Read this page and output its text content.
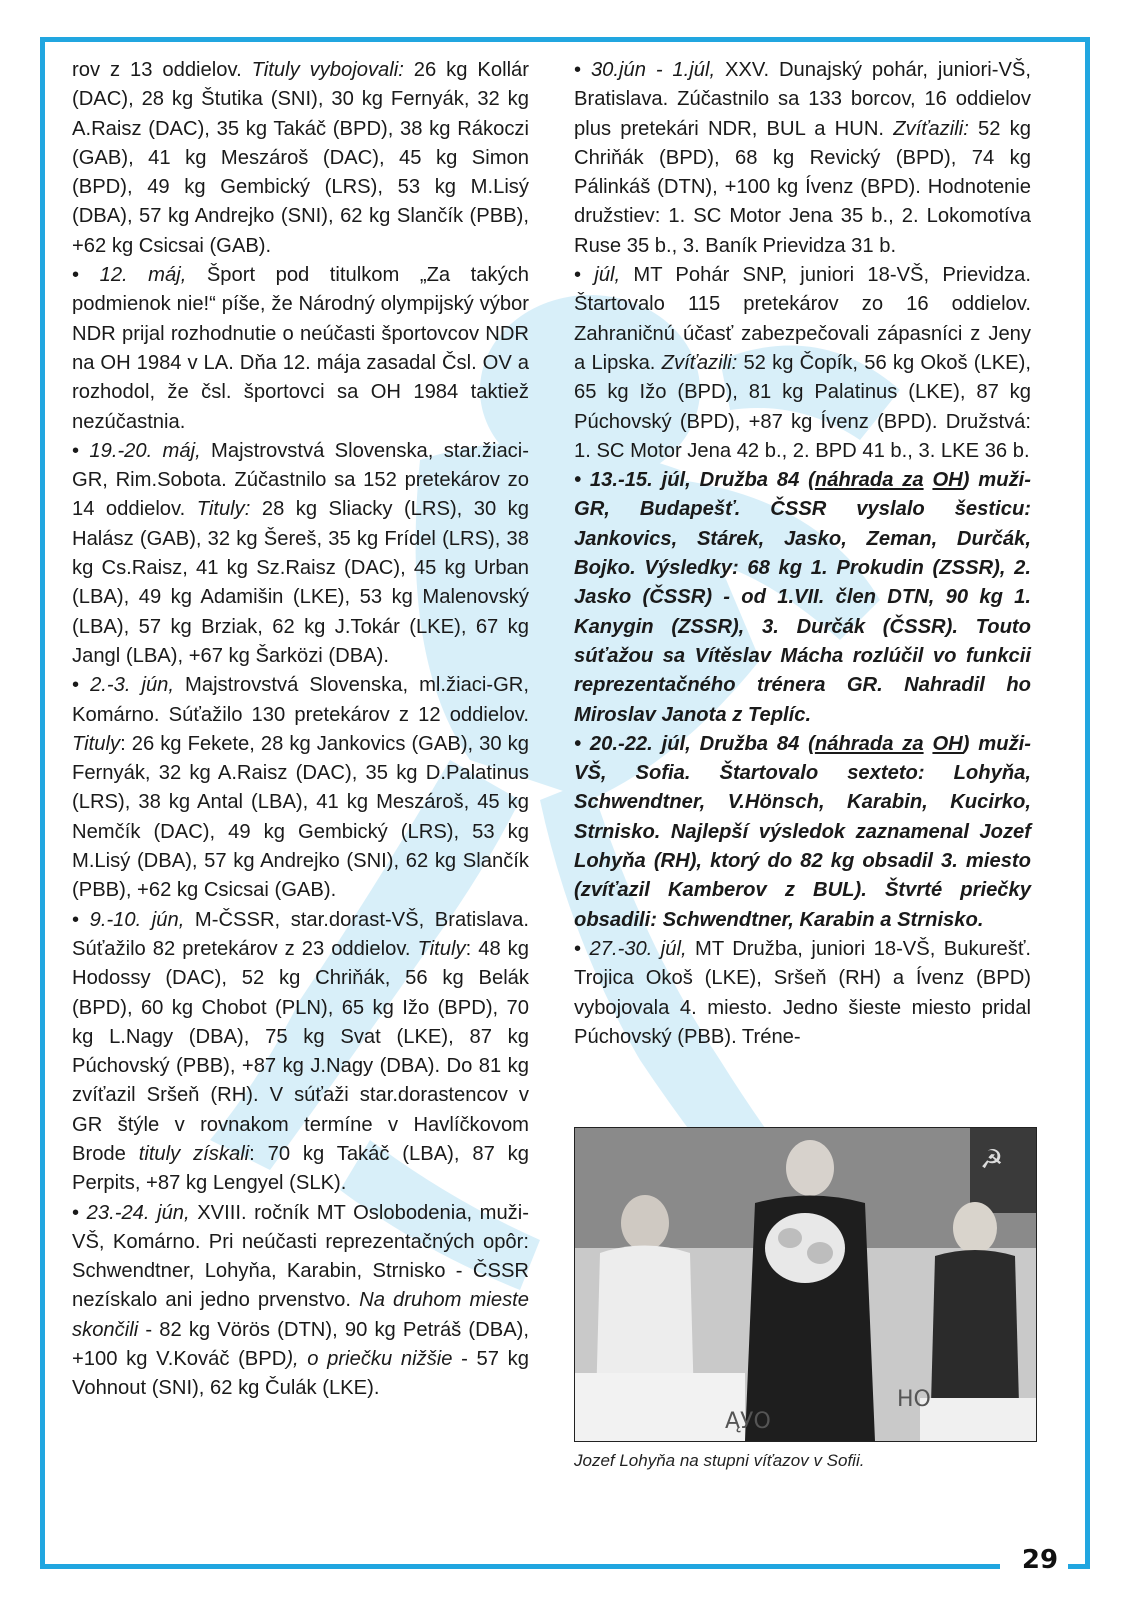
29

rov z 13 oddielov. Tituly vybojovali: 26 kg Kollár (DAC), 28 kg Štutika (SNI), 30 kg Fernyák, 32 kg A.Raisz (DAC), 35 kg Takáč (BPD), 38 kg Rákoczi (GAB), 41 kg Meszároš (DAC), 45 kg Simon (BPD), 49 kg Gembický (LRS), 53 kg M.Lisý (DBA), 57 kg Andrejko (SNI), 62 kg Slančík (PBB), +62 kg Csicsai (GAB).

• 12. máj, Šport pod titulkom „Za takých podmienok nie!“ píše, že Národný olympijský výbor NDR prijal rozhodnutie o neúčasti športovcov NDR na OH 1984 v LA. Dňa 12. mája zasadal Čsl. OV a rozhodol, že čsl. športovci sa OH 1984 taktiež nezúčastnia.

• 19.-20. máj, Majstrovstvá Slovenska, star.žiaci-GR, Rim.Sobota. Zúčastnilo sa 152 pretekárov zo 14 oddielov. Tituly: 28 kg Sliacky (LRS), 30 kg Halász (GAB), 32 kg Šereš, 35 kg Frídel (LRS), 38 kg Cs.Raisz, 41 kg Sz.Raisz (DAC), 45 kg Urban (LBA), 49 kg Adamišin (LKE), 53 kg Malenovský (LBA), 57 kg Brziak, 62 kg J.Tokár (LKE), 67 kg Jangl (LBA), +67 kg Šarközi (DBA).

• 2.-3. jún, Majstrovstvá Slovenska, ml.žiaci-GR, Komárno. Súťažilo 130 pretekárov z 12 oddielov. Tituly: 26 kg Fekete, 28 kg Jankovics (GAB), 30 kg Fernyák, 32 kg A.Raisz (DAC), 35 kg D.Palatinus (LRS), 38 kg Antal (LBA), 41 kg Meszároš, 45 kg Nemčík (DAC), 49 kg Gembický (LRS), 53 kg M.Lisý (DBA), 57 kg Andrejko (SNI), 62 kg Slančík (PBB), +62 kg Csicsai (GAB).

• 9.-10. jún, M-ČSSR, star.dorast-VŠ, Bratislava. Súťažilo 82 pretekárov z 23 oddielov. Tituly: 48 kg Hodossy (DAC), 52 kg Chriňák, 56 kg Belák (BPD), 60 kg Chobot (PLN), 65 kg Ižo (BPD), 70 kg L.Nagy (DBA), 75 kg Svat (LKE), 87 kg Púchovský (PBB), +87 kg J.Nagy (DBA). Do 81 kg zvíťazil Sršeň (RH). V súťaži star.dorastencov v GR štýle v rovnakom termíne v Havlíčkovom Brode tituly získali: 70 kg Takáč (LBA), 87 kg Perpits, +87 kg Lengyel (SLK).

• 23.-24. jún, XVIII. ročník MT Oslobodenia, muži-VŠ, Komárno. Pri neúčasti reprezentačných opôr: Schwendtner, Lohyňa, Karabin, Strnisko - ČSSR nezískalo ani jedno prvenstvo. Na druhom mieste skončili - 82 kg Vörös (DTN), 90 kg Petráš (DBA), +100 kg V.Kováč (BPD), o priečku nižšie - 57 kg Vohnout (SNI), 62 kg Čulák (LKE).

• 30.jún - 1.júl, XXV. Dunajský pohár, juniori-VŠ, Bratislava. Zúčastnilo sa 133 borcov, 16 oddielov plus pretekári NDR, BUL a HUN. Zvíťazili: 52 kg Chriňák (BPD), 68 kg Revický (BPD), 74 kg Pálinkáš (DTN), +100 kg Ívenz (BPD). Hodnotenie družstiev: 1. SC Motor Jena 35 b., 2. Lokomotíva Ruse 35 b., 3. Baník Prievidza 31 b.

• júl, MT Pohár SNP, juniori 18-VŠ, Prievidza. Štartovalo 115 pretekárov zo 16 oddielov. Zahraničnú účasť zabezpečovali zápasníci z Jeny a Lipska. Zvíťazili: 52 kg Čopík, 56 kg Okoš (LKE), 65 kg Ižo (BPD), 81 kg Palatinus (LKE), 87 kg Púchovský (BPD), +87 kg Ívenz (BPD). Družstvá: 1. SC Motor Jena 42 b., 2. BPD 41 b., 3. LKE 36 b.

• 13.-15. júl, Družba 84 (náhrada za OH) muži-GR, Budapešť. ČSSR vyslalo šesticu: Jankovics, Stárek, Jasko, Zeman, Durčák, Bojko. Výsledky: 68 kg 1. Prokudin (ZSSR), 2. Jasko (ČSSR) - od 1.VII. člen DTN, 90 kg 1. Kanygin (ZSSR), 3. Durčák (ČSSR). Touto súťažou sa Vítěslav Mácha rozlúčil vo funkcii reprezentačného trénera GR. Nahradil ho Miroslav Janota z Teplíc.

• 20.-22. júl, Družba 84 (náhrada za OH) muži-VŠ, Sofia. Štartovalo sexteto: Lohyňa, Schwendtner, V.Hönsch, Karabin, Kucirko, Strnisko. Najlepší výsledok zaznamenal Jozef Lohyňa (RH), ktorý do 82 kg obsadil 3. miesto (zvíťazil Kamberov z BUL). Štvrté priečky obsadili: Schwendtner, Karabin a Strnisko.

• 27.-30. júl, MT Družba, juniori 18-VŠ, Bukurešť. Trojica Okoš (LKE), Sršeň (RH) a Ívenz (BPD) vybojovala 4. miesto. Jedno šieste miesto pridal Púchovský (PBB). Tréne-

☭
ĄУО
НО
Jozef Lohyňa na stupni víťazov v Sofii.
